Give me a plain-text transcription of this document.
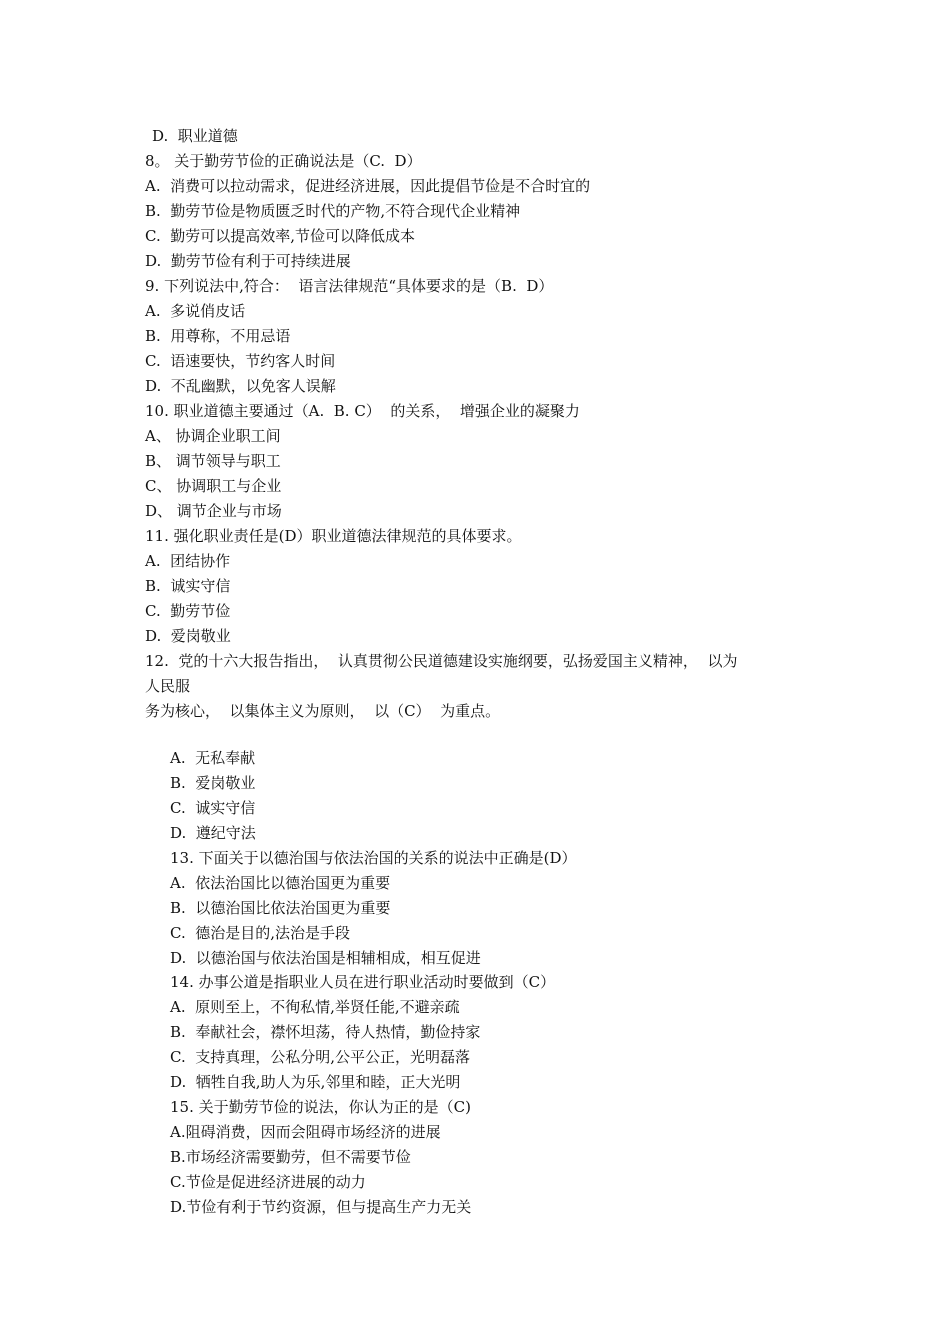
D.  职业道德
8。 关于勤劳节俭的正确说法是（C.  D）
A.  消费可以拉动需求，促进经济进展，因此提倡节俭是不合时宜的
B.  勤劳节俭是物质匮乏时代的产物,不符合现代企业精神
C.  勤劳可以提高效率,节俭可以降低成本
D.  勤劳节俭有利于可持续进展
9. 下列说法中,符合：  语言法律规范“具体要求的是（B.  D）
A.  多说俏皮话
B.  用尊称，不用忌语
C.  语速要快，节约客人时间
D.  不乱幽默，以免客人误解
10. 职业道德主要通过（A.  B. C）  的关系，  增强企业的凝聚力
A、 协调企业职工间
B、 调节领导与职工
C、 协调职工与企业
D、 调节企业与市场
11. 强化职业责任是(D）职业道德法律规范的具体要求。
A.  团结协作
B.  诚实守信
C.  勤劳节俭
D.  爱岗敬业
12.  党的十六大报告指出，  认真贯彻公民道德建设实施纲要，弘扬爱国主义精神，  以为
人民服
务为核心，  以集体主义为原则，  以（C）  为重点。
A.  无私奉献
B.  爱岗敬业
C.  诚实守信
D.  遵纪守法
13. 下面关于以德治国与依法治国的关系的说法中正确是(D）
A.  依法治国比以德治国更为重要
B.  以德治国比依法治国更为重要
C.  德治是目的,法治是手段
D.  以德治国与依法治国是相辅相成，相互促进
14. 办事公道是指职业人员在进行职业活动时要做到（C）
A.  原则至上，不徇私情,举贤任能,不避亲疏
B.  奉献社会，襟怀坦荡，待人热情，勤俭持家
C.  支持真理，公私分明,公平公正，光明磊落
D.  牺牲自我,助人为乐,邻里和睦，正大光明
15. 关于勤劳节俭的说法，你认为正的是（C)
A.阻碍消费，因而会阻碍市场经济的进展
B.市场经济需要勤劳，但不需要节俭
C.节俭是促进经济进展的动力
D.节俭有利于节约资源，但与提高生产力无关
